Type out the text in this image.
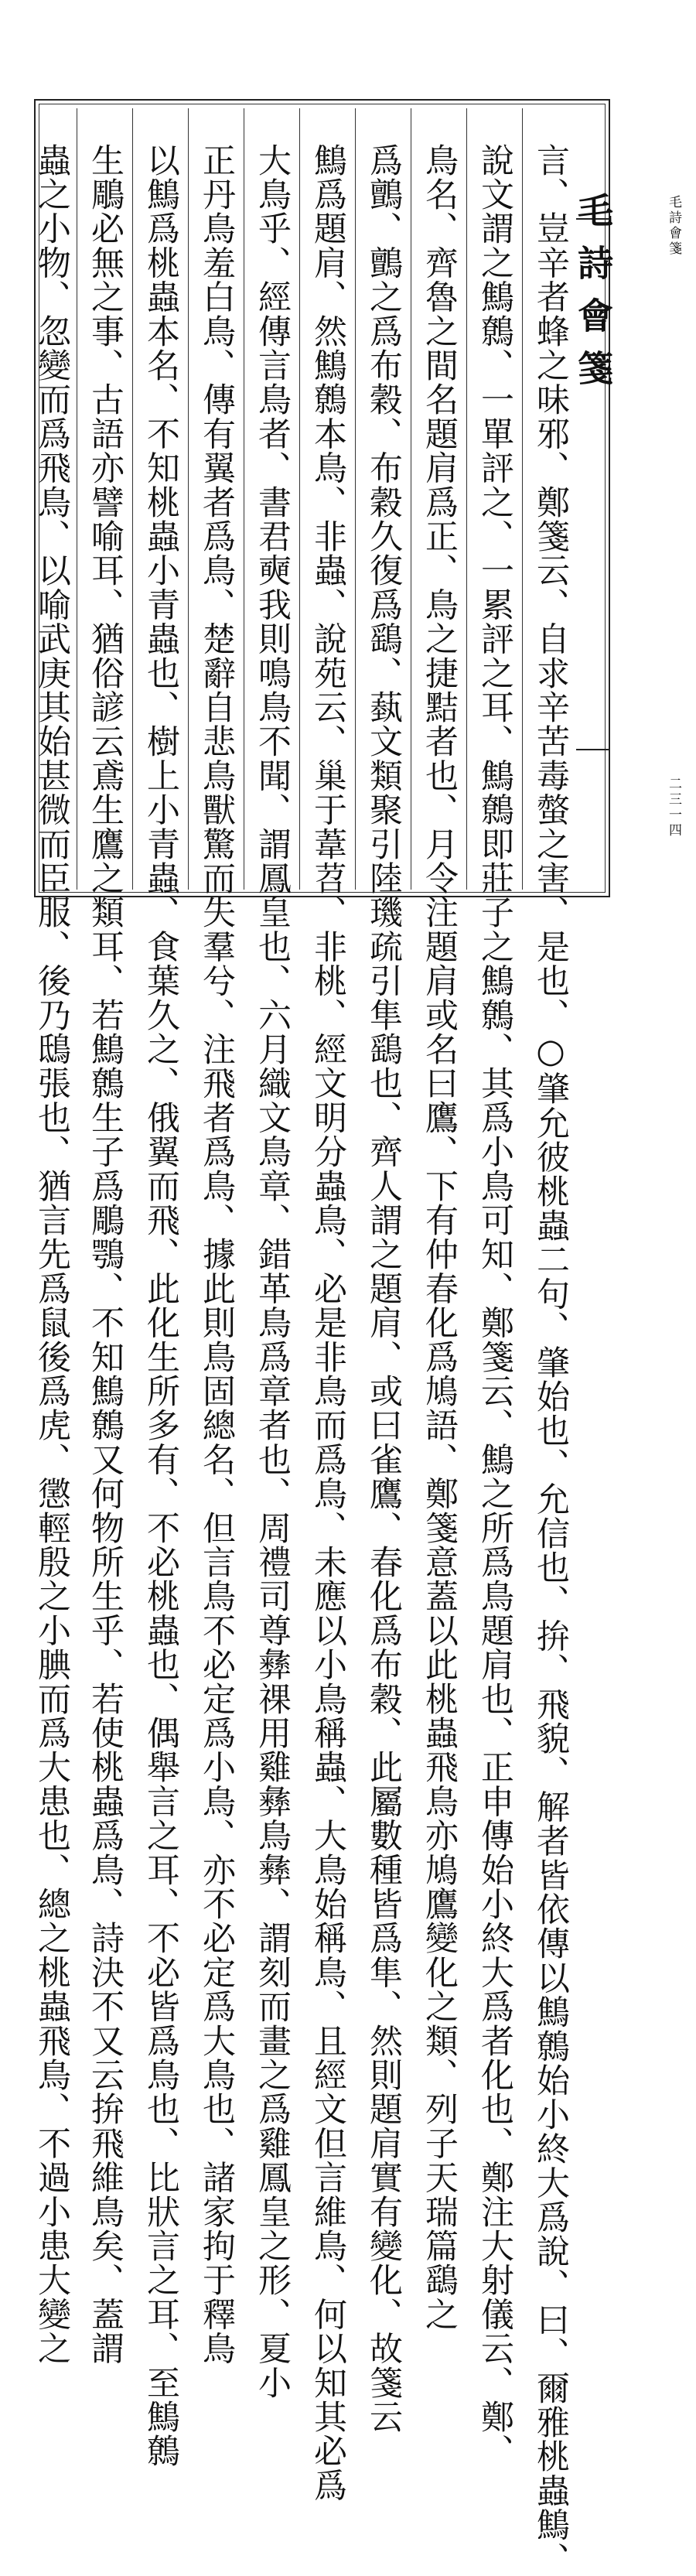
毛詩會箋
二三一四
言、豈辛者蜂之味邪、鄭箋云、自求辛苦毒螫之害、是也、○肇允彼桃蟲二句、肇始也、允信也、拚、飛貌、解者皆依傳以鷦鷯始小終大爲說、曰、爾雅桃蟲鷦、
說文謂之鷦鷯、一單評之、一累評之耳、鷦鷯即莊子之鷦鷯、其爲小鳥可知、鄭箋云、鷦之所爲鳥題肩也、正申傳始小終大爲者化也、鄭注大射儀云、鄭、
鳥名、齊魯之間名題肩爲正、鳥之捷黠者也、月令注題肩或名曰鷹、下有仲春化爲鳩語、鄭箋意蓋以此桃蟲飛鳥亦鳩鷹變化之類、列子天瑞篇鷂之
爲鸇、鸇之爲布穀、布穀久復爲鷂、蓺文類聚引陸璣疏引隼鷂也、齊人謂之題肩、或曰雀鷹、春化爲布穀、此屬數種皆爲隼、然則題肩實有變化、故箋云
鷦爲題肩、然鷦鷯本鳥、非蟲、說苑云、巢于葦苕、非桃、經文明分蟲鳥、必是非鳥而爲鳥、未應以小鳥稱蟲、大鳥始稱鳥、且經文但言維鳥、何以知其必爲
大鳥乎、經傳言鳥者、書君奭我則鳴鳥不聞、謂鳳皇也、六月織文鳥章、錯革鳥爲章者也、周禮司尊彝祼用雞彝鳥彝、謂刻而畫之爲雞鳳皇之形、夏小
正丹鳥羞白鳥、傳有翼者爲鳥、楚辭自悲鳥獸驚而失羣兮、注飛者爲鳥、據此則鳥固總名、但言鳥不必定爲小鳥、亦不必定爲大鳥也、諸家拘于釋鳥
以鷦爲桃蟲本名、不知桃蟲小青蟲也、樹上小青蟲、食葉久之、俄翼而飛、此化生所多有、不必桃蟲也、偶舉言之耳、不必皆爲鳥也、比狀言之耳、至鷦鷯
生鵰必無之事、古語亦譬喻耳、猶俗諺云鳶生鷹之類耳、若鷦鷯生子爲鵰鶚、不知鷦鷯又何物所生乎、若使桃蟲爲鳥、詩決不又云拚飛維鳥矣、蓋謂
蟲之小物、忽變而爲飛鳥、以喻武庚其始甚微而臣服、後乃鴟張也、猶言先爲鼠後爲虎、懲輕殷之小腆而爲大患也、總之桃蟲飛鳥、不過小患大變之	毛詩會箋
